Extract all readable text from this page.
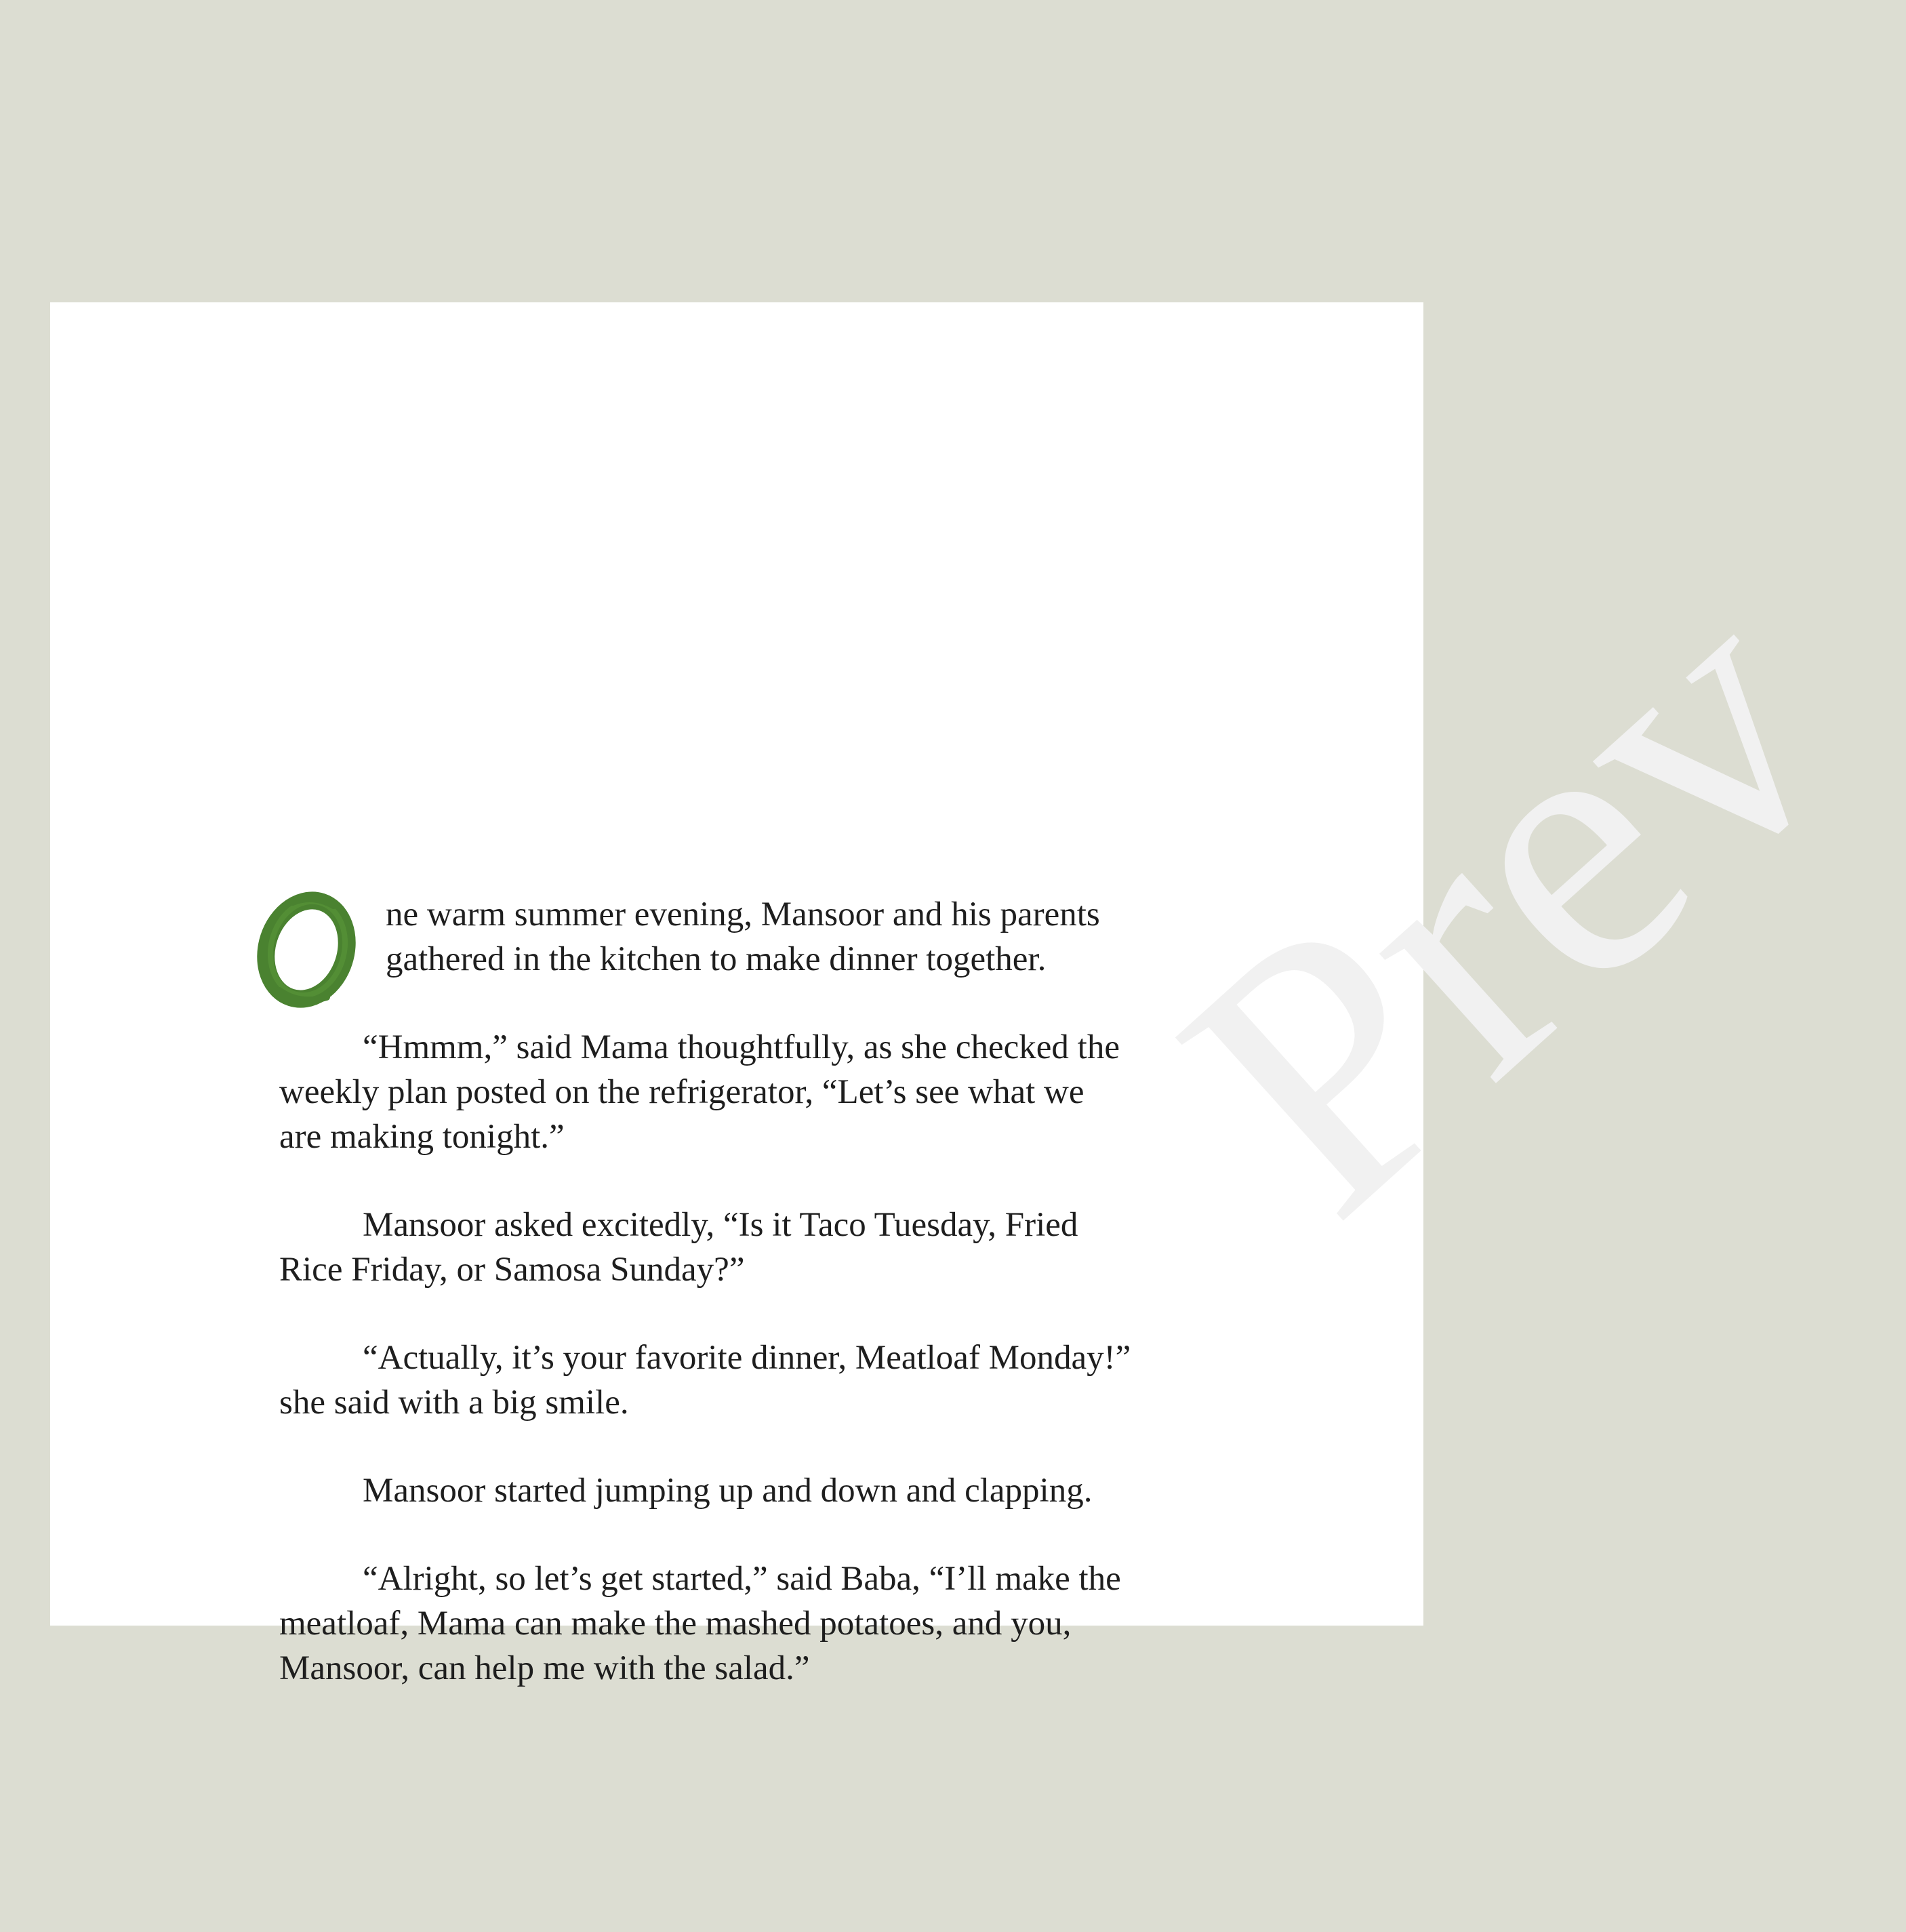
Prev
ne warm summer evening, Mansoor and his parents
gathered in the kitchen to make dinner together.

“Hmmm,” said Mama thoughtfully, as she checked the
weekly plan posted on the refrigerator, “Let’s see what we
are making tonight.”

Mansoor asked excitedly, “Is it Taco Tuesday, Fried
Rice Friday, or Samosa Sunday?”

“Actually, it’s your favorite dinner, Meatloaf Monday!”
she said with a big smile.

Mansoor started jumping up and down and clapping.

“Alright, so let’s get started,” said Baba, “I’ll make the
meatloaf, Mama can make the mashed potatoes, and you,
Mansoor, can help me with the salad.”
